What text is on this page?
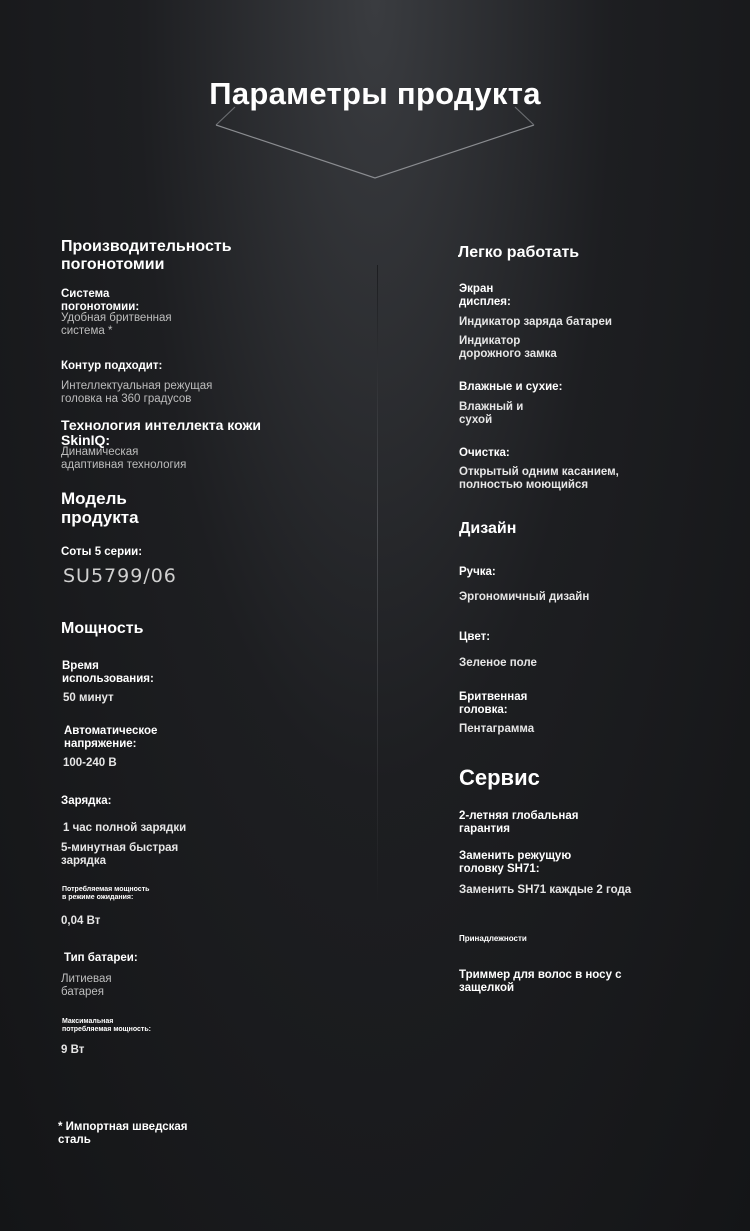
Параметры продукта
Производительность
погонотомии
Система
погонотомии:
Удобная бритвенная
система *
Контур подходит:
Интеллектуальная режущая
головка на 360 градусов
Технология интеллекта кожи
SkinIQ:
Динамическая
адаптивная технология
Модель
продукта
Соты 5 серии:
SU5799/06
Мощность
Время
использования:
50 минут
Автоматическое
напряжение:
100-240 В
Зарядка:
1 час полной зарядки
5-минутная быстрая
зарядка
Потребляемая мощность
в режиме ожидания:
0,04 Вт
Тип батареи:
Литиевая
батарея
Максимальная
потребляемая мощность:
9 Вт
* Импортная шведская
сталь
Легко работать
Экран
дисплея:
Индикатор заряда батареи
Индикатор
дорожного замка
Влажные и сухие:
Влажный и
сухой
Очистка:
Открытый одним касанием,
полностью моющийся
Дизайн
Ручка:
Эргономичный дизайн
Цвет:
Зеленое поле
Бритвенная
головка:
Пентаграмма
Сервис
2-летняя глобальная
гарантия
Заменить режущую
головку SH71:
Заменить SH71 каждые 2 года
Принадлежности
Триммер для волос в носу с
защелкой
